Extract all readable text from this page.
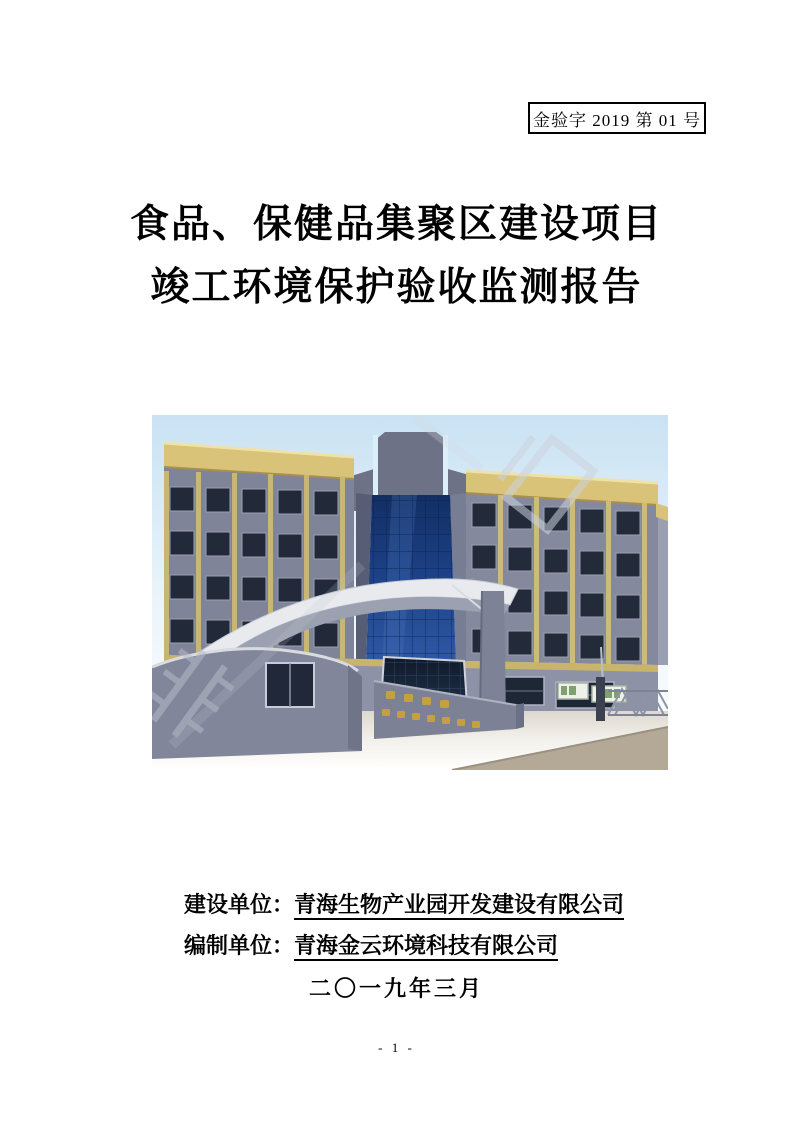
金验字 2019 第 01 号
食品、保健品集聚区建设项目
竣工环境保护验收监测报告
建设单位：青海生物产业园开发建设有限公司
编制单位：青海金云环境科技有限公司
二〇一九年三月
- 1 -
